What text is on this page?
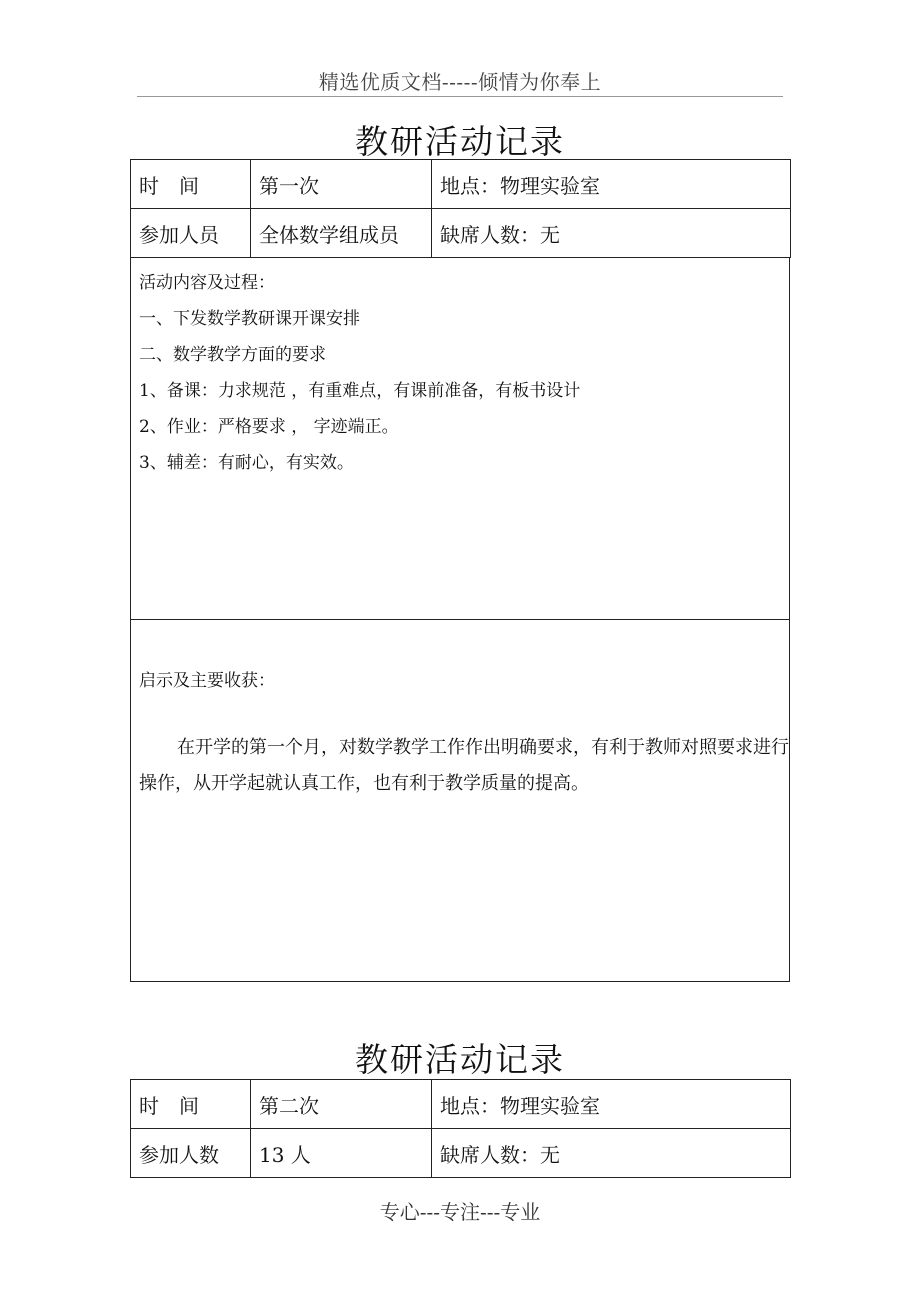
精选优质文档-----倾情为你奉上
教研活动记录
时　间	第一次	地点：物理实验室
参加人员	全体数学组成员	缺席人数：无
活动内容及过程：
一、下发数学教研课开课安排
二、数学教学方面的要求
1、备课：力求规范 ，有重难点，有课前准备，有板书设计
2、作业：严格要求 ， 字迹端正。
3、辅差：有耐心，有实效。
启示及主要收获：
在开学的第一个月，对数学教学工作作出明确要求，有利于教师对照要求进行操作，从开学起就认真工作，也有利于教学质量的提高。
教研活动记录
时　间	第二次	地点：物理实验室
参加人数	13 人	缺席人数：无
专心---专注---专业
